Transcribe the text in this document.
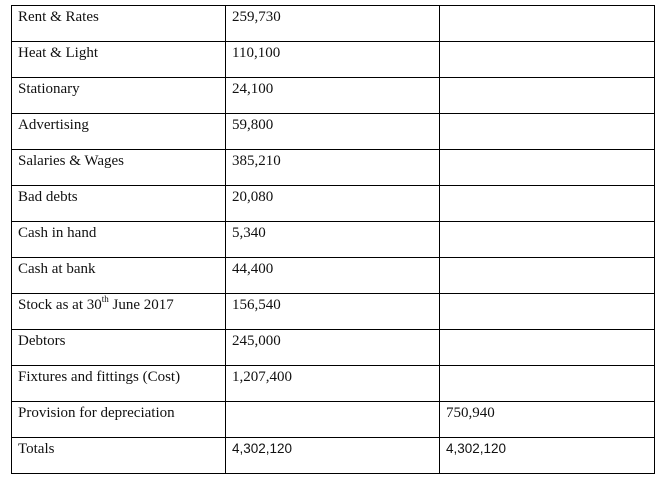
Rent & Rates	259,730	
Heat & Light	110,100	
Stationary	24,100	
Advertising	59,800	
Salaries & Wages	385,210	
Bad debts	20,080	
Cash in hand	5,340	
Cash at bank	44,400	
Stock as at 30th June 2017	156,540	
Debtors	245,000	
Fixtures and fittings (Cost)	1,207,400	
Provision for depreciation		750,940
Totals	4,302,120	4,302,120
